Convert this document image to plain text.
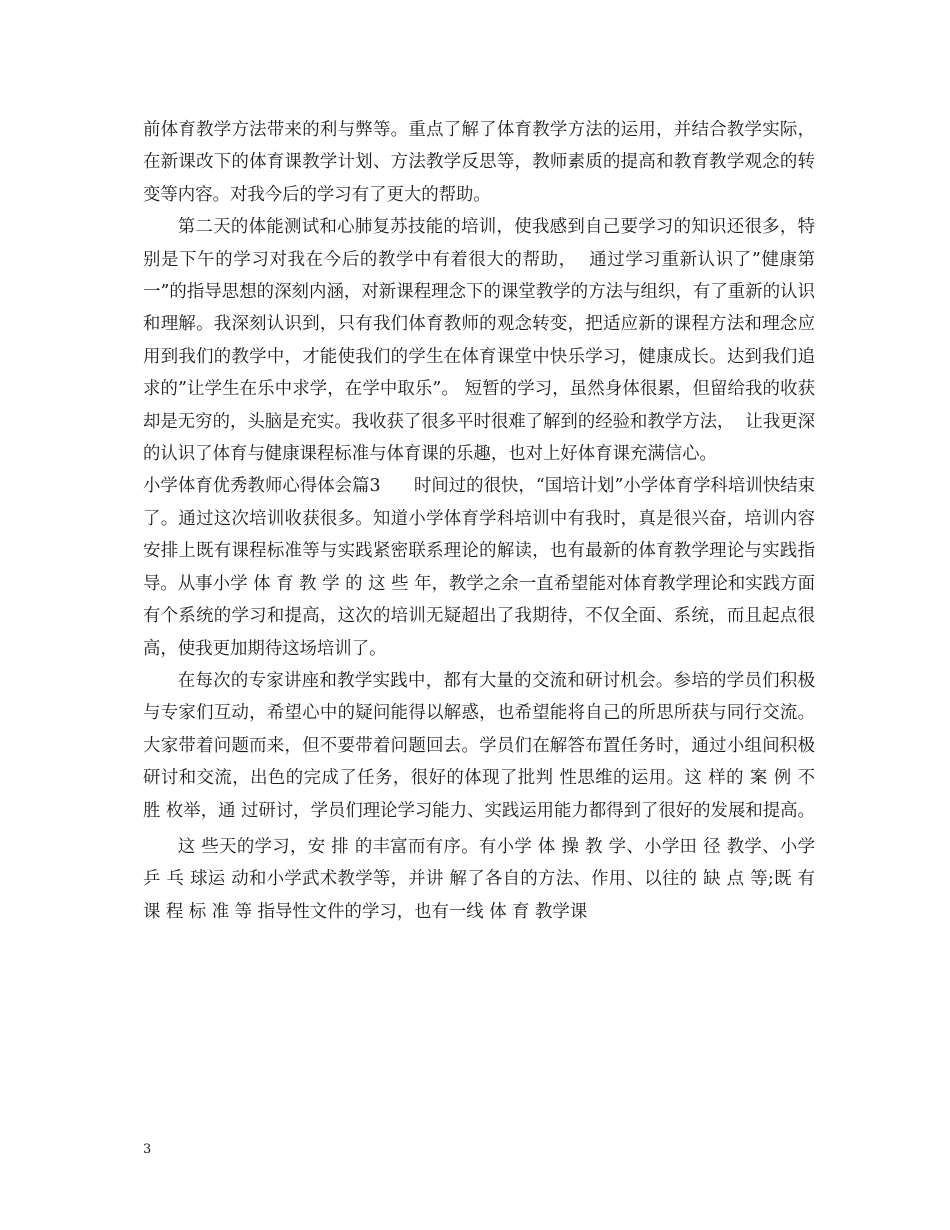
前体育教学方法带来的利与弊等。重点了解了体育教学方法的运用，并结合教学实际，在新课改下的体育课教学计划、方法教学反思等，教师素质的提高和教育教学观念的转变等内容。对我今后的学习有了更大的帮助。

第二天的体能测试和心肺复苏技能的培训，使我感到自己要学习的知识还很多，特别是下午的学习对我在今后的教学中有着很大的帮助，  通过学习重新认识了”健康第一”的指导思想的深刻内涵，对新课程理念下的课堂教学的方法与组织，有了重新的认识和理解。我深刻认识到，只有我们体育教师的观念转变，把适应新的课程方法和理念应用到我们的教学中，才能使我们的学生在体育课堂中快乐学习，健康成长。达到我们追求的”让学生在乐中求学，在学中取乐”。 短暂的学习，虽然身体很累，但留给我的收获却是无穷的，头脑是充实。我收获了很多平时很难了解到的经验和教学方法，  让我更深的认识了体育与健康课程标准与体育课的乐趣，也对上好体育课充满信心。

小学体育优秀教师心得体会篇3      时间过的很快，“国培计划”小学体育学科培训快结束了。通过这次培训收获很多。知道小学体育学科培训中有我时，真是很兴奋，培训内容安排上既有课程标准等与实践紧密联系理论的解读，也有最新的体育教学理论与实践指导。从事小学 体 育 教 学 的 这 些 年，教学之余一直希望能对体育教学理论和实践方面有个系统的学习和提高，这次的培训无疑超出了我期待，不仅全面、系统，而且起点很高，使我更加期待这场培训了。

在每次的专家讲座和教学实践中，都有大量的交流和研讨机会。参培的学员们积极与专家们互动，希望心中的疑问能得以解惑，也希望能将自己的所思所获与同行交流。大家带着问题而来，但不要带着问题回去。学员们在解答布置任务时，通过小组间积极研讨和交流，出色的完成了任务，很好的体现了批判 性思维的运用。这 样的 案 例 不 胜 枚举，通 过研讨，学员们理论学习能力、实践运用能力都得到了很好的发展和提高。

这 些天的学习，安 排 的丰富而有序。有小学 体 操 教 学、小学田 径 教学、小学乒 乓 球运 动和小学武术教学等，并讲 解了各自的方法、作用、以往的 缺 点 等;既 有课 程 标 准 等 指导性文件的学习，也有一线 体 育 教学课

3
